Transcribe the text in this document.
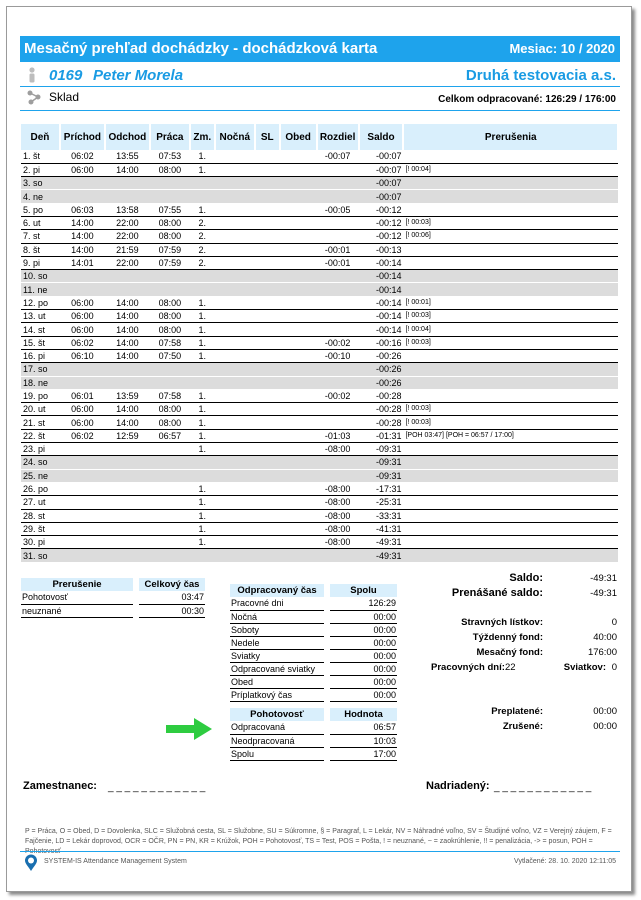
Mesačný prehľad dochádzky - dochádzková karta	Mesiac: 10 / 2020
0169 Peter Morela	Druhá testovacia a.s.
Sklad	Celkom odpracované: 126:29 / 176:00
Deň	Príchod	Odchod	Práca	Zm.	Nočná	SL	Obed	Rozdiel	Saldo	Prerušenia
1. št	06:02	13:55	07:53	1.				-00:07	-00:07	
2. pi	06:00	14:00	08:00	1.					-00:07	[! 00:04]
3. so									-00:07	
4. ne									-00:07	
5. po	06:03	13:58	07:55	1.				-00:05	-00:12	
6. ut	14:00	22:00	08:00	2.					-00:12	[! 00:03]
7. st	14:00	22:00	08:00	2.					-00:12	[! 00:06]
8. št	14:00	21:59	07:59	2.				-00:01	-00:13	
9. pi	14:01	22:00	07:59	2.				-00:01	-00:14	
10. so									-00:14	
11. ne									-00:14	
12. po	06:00	14:00	08:00	1.					-00:14	[! 00:01]
13. ut	06:00	14:00	08:00	1.					-00:14	[! 00:03]
14. st	06:00	14:00	08:00	1.					-00:14	[! 00:04]
15. št	06:02	14:00	07:58	1.				-00:02	-00:16	[! 00:03]
16. pi	06:10	14:00	07:50	1.				-00:10	-00:26	
17. so									-00:26	
18. ne									-00:26	
19. po	06:01	13:59	07:58	1.				-00:02	-00:28	
20. ut	06:00	14:00	08:00	1.					-00:28	[! 00:03]
21. st	06:00	14:00	08:00	1.					-00:28	[! 00:03]
22. št	06:02	12:59	06:57	1.				-01:03	-01:31	[POH 03:47] [POH = 06:57 / 17:00]
23. pi				1.				-08:00	-09:31	
24. so									-09:31	
25. ne									-09:31	
26. po				1.				-08:00	-17:31	
27. ut				1.				-08:00	-25:31	
28. st				1.				-08:00	-33:31	
29. št				1.				-08:00	-41:31	
30. pi				1.				-08:00	-49:31	
31. so									-49:31	
Prerušenie		Celkový čas
Pohotovosť		03:47
neuznané		00:30
Odpracovaný čas		Spolu
Pracovné dni		126:29
Nočná		00:00
Soboty		00:00
Nedele		00:00
Sviatky		00:00
Odpracované sviatky		00:00
Obed		00:00
Príplatkový čas		00:00
Pohotovosť		Hodnota
Odpracovaná		06:57
Neodpracovaná		10:03
Spolu		17:00
Saldo:	-49:31
Prenášané saldo:	-49:31
Stravných lístkov:	0
Týždenný fond:	40:00
Mesačný fond:	176:00
Pracovných dní: 22	Sviatkov: 0
Preplatené:	00:00
Zrušené:	00:00
Zamestnanec: _ _ _ _ _ _ _ _ _ _ _ _	Nadriadený: _ _ _ _ _ _ _ _ _ _ _ _
P = Práca, O = Obed, D = Dovolenka, SLC = Služobná cesta, SL = Služobne, SU = Súkromne, § = Paragraf, L = Lekár, NV = Náhradné voľno, SV = Študijné voľno, VZ = Verejný záujem, F = Fajčenie, LD = Lekár doprovod, OCR = OČR, PN = PN, KR = Krúžok, POH = Pohotovosť, TS = Test, POS = Pošta, ! = neuznané, ~ = zaokrúhlenie, !! = penalizácia, -> = posun, POH =
SYSTEM-IS Attendance Management System	Vytlačené: 28. 10. 2020 12:11:05
